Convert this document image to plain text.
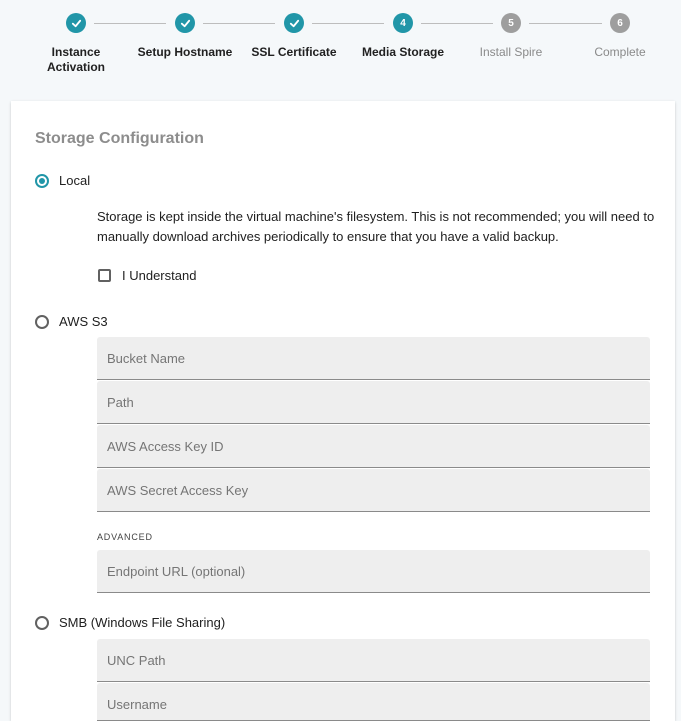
Instance Activation
Setup Hostname	SSL Certificate
4
Media Storage
5
Install Spire
6
Complete
Storage Configuration
Local
Storage is kept inside the virtual machine's filesystem. This is not recommended; you will need to manually download archives periodically to ensure that you have a valid backup.
I Understand
AWS S3
Bucket Name
Path
AWS Access Key ID
AWS Secret Access Key
ADVANCED
Endpoint URL (optional)
SMB (Windows File Sharing)
UNC Path
Username
